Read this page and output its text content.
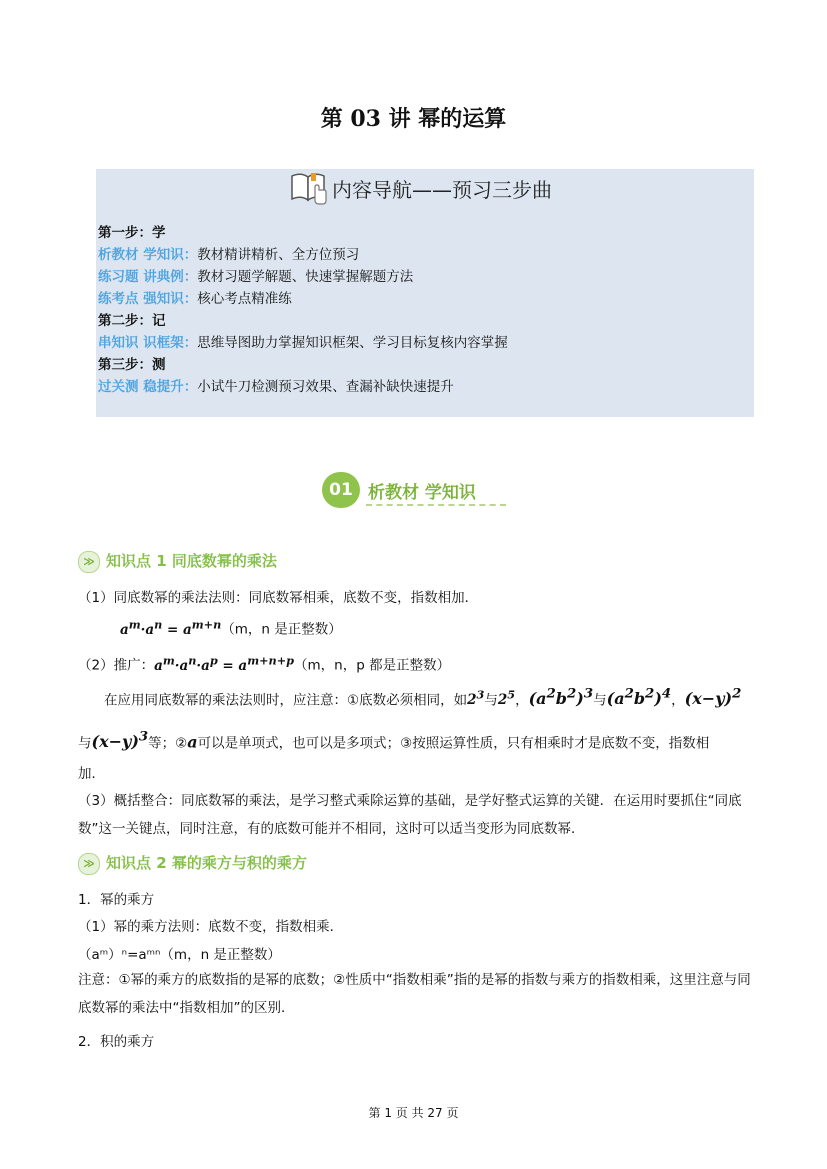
第 03 讲 幂的运算
内容导航——预习三步曲
第一步：学
析教材 学知识：教材精讲精析、全方位预习
练习题 讲典例：教材习题学解题、快速掌握解题方法
练考点 强知识：核心考点精准练
第二步：记
串知识 识框架：思维导图助力掌握知识框架、学习目标复核内容掌握
第三步：测
过关测 稳提升：小试牛刀检测预习效果、查漏补缺快速提升
01 析教材 学知识
≫ 知识点 1 同底数幂的乘法
（1）同底数幂的乘法法则：同底数幂相乘，底数不变，指数相加．
$a^m\cdot a^n = a^{m+n}(m$，n 是正整数）
（2）推广：$a^m\cdot a^n\cdot a^p = a^{m+n+p}(m$，n，p 都是正整数）
在应用同底数幂的乘法法则时，应注意：①底数必须相同，如$2^3$与$2^5$，$(a^2b^2)^3$与$(a^2b^2)^4$，$(x-y)^2$
与$(x-y)^3$等；②a可以是单项式，也可以是多项式；③按照运算性质，只有相乘时才是底数不变，指数相
加．
（3）概括整合：同底数幂的乘法，是学习整式乘除运算的基础，是学好整式运算的关键．在运用时要抓住“同底数”这一关键点，同时注意，有的底数可能并不相同，这时可以适当变形为同底数幂．
≫ 知识点 2 幂的乘方与积的乘方
1．幂的乘方
（1）幂的乘方法则：底数不变，指数相乘．
（aᵐ）ⁿ=aᵐⁿ（m，n 是正整数）
注意：①幂的乘方的底数指的是幂的底数；②性质中“指数相乘”指的是幂的指数与乘方的指数相乘，这里注意与同底数幂的乘法中“指数相加”的区别．
2．积的乘方
第 1 页 共 27 页
